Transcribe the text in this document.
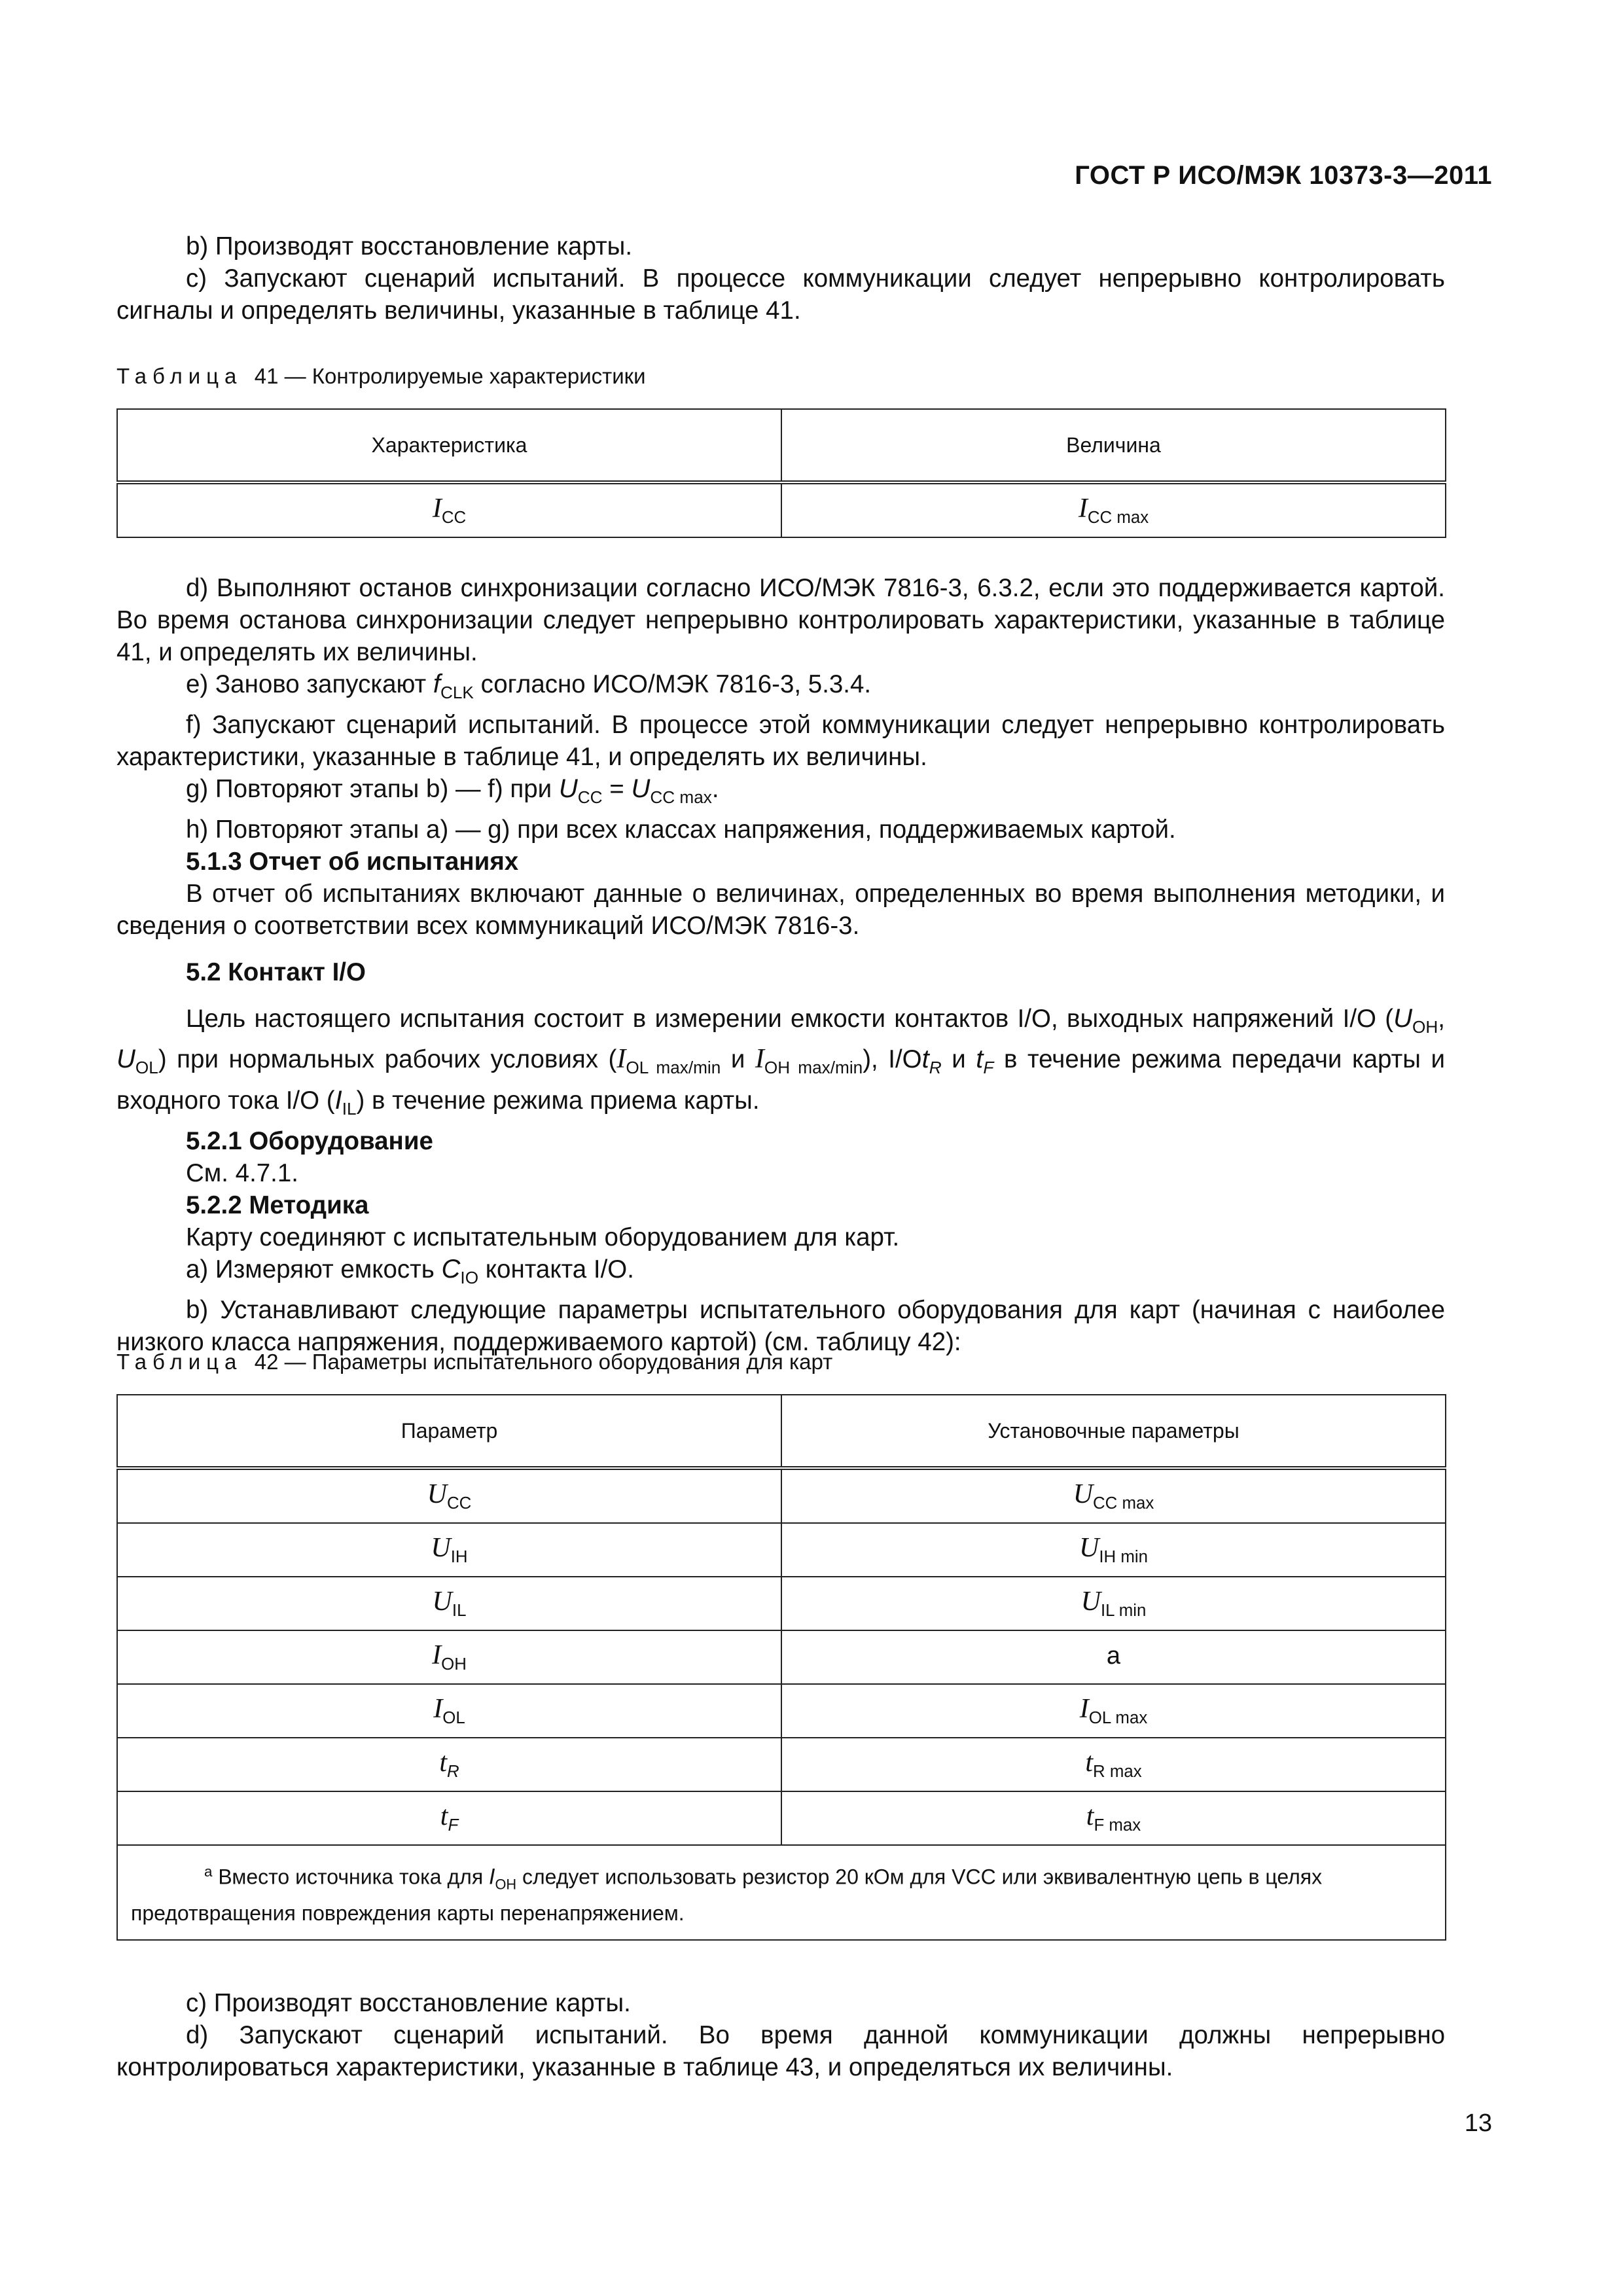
ГОСТ Р ИСО/МЭК 10373-3—2011

b) Производят восстановление карты.

c) Запускают сценарий испытаний. В процессе коммуникации следует непрерывно контролировать сигналы и определять величины, указанные в таблице 41.

Таблица 41 — Контролируемые характеристики
Характеристика	Величина
$I_{CC}$	$I_{CC max}$

d) Выполняют останов синхронизации согласно ИСО/МЭК 7816-3, 6.3.2, если это поддерживается картой. Во время останова синхронизации следует непрерывно контролировать характеристики, указанные в таблице 41, и определять их величины.

e) Заново запускают $f_{CLK}$ согласно ИСО/МЭК 7816-3, 5.3.4.

f) Запускают сценарий испытаний. В процессе этой коммуникации следует непрерывно контролировать характеристики, указанные в таблице 41, и определять их величины.

g) Повторяют этапы b) — f) при $U_{CC} = U_{CC max}$.

h) Повторяют этапы a) — g) при всех классах напряжения, поддерживаемых картой.

5.1.3 Отчет об испытаниях

В отчет об испытаниях включают данные о величинах, определенных во время выполнения методики, и сведения о соответствии всех коммуникаций ИСО/МЭК 7816-3.

5.2 Контакт I/O

Цель настоящего испытания состоит в измерении емкости контактов I/O, выходных напряжений I/O ($U_{OH}$, $U_{OL}$) при нормальных рабочих условиях ($I_{OL max/min}$ и $I_{OH max/min}$), $I/Ot_R$ и $t_F$ в течение режима передачи карты и входного тока I/O $(I_{IL})$ в течение режима приема карты.

5.2.1 Оборудование

См. 4.7.1.

5.2.2 Методика

Карту соединяют с испытательным оборудованием для карт.

a) Измеряют емкость $C_{IO}$ контакта I/O.

b) Устанавливают следующие параметры испытательного оборудования для карт (начиная с наиболее низкого класса напряжения, поддерживаемого картой) (см. таблицу 42):

Таблица 42 — Параметры испытательного оборудования для карт
Параметр	Установочные параметры
$U_{CC}$	$U_{CC max}$
$U_{IH}$	$U_{IH min}$
$U_{IL}$	$U_{IL min}$
$I_{OH}$	a
$I_{OL}$	$I_{OL max}$
$t_R$	$t_{R max}$
$t_F$	$t_{F max}$
$^a$ Вместо источника тока для $I_{OH}$ следует использовать резистор 20 кОм для VCC или эквивалентную цепь в целях предотвращения повреждения карты перенапряжением.	

c) Производят восстановление карты.

d) Запускают сценарий испытаний. Во время данной коммуникации должны непрерывно контролироваться характеристики, указанные в таблице 43, и определяться их величины.

13
